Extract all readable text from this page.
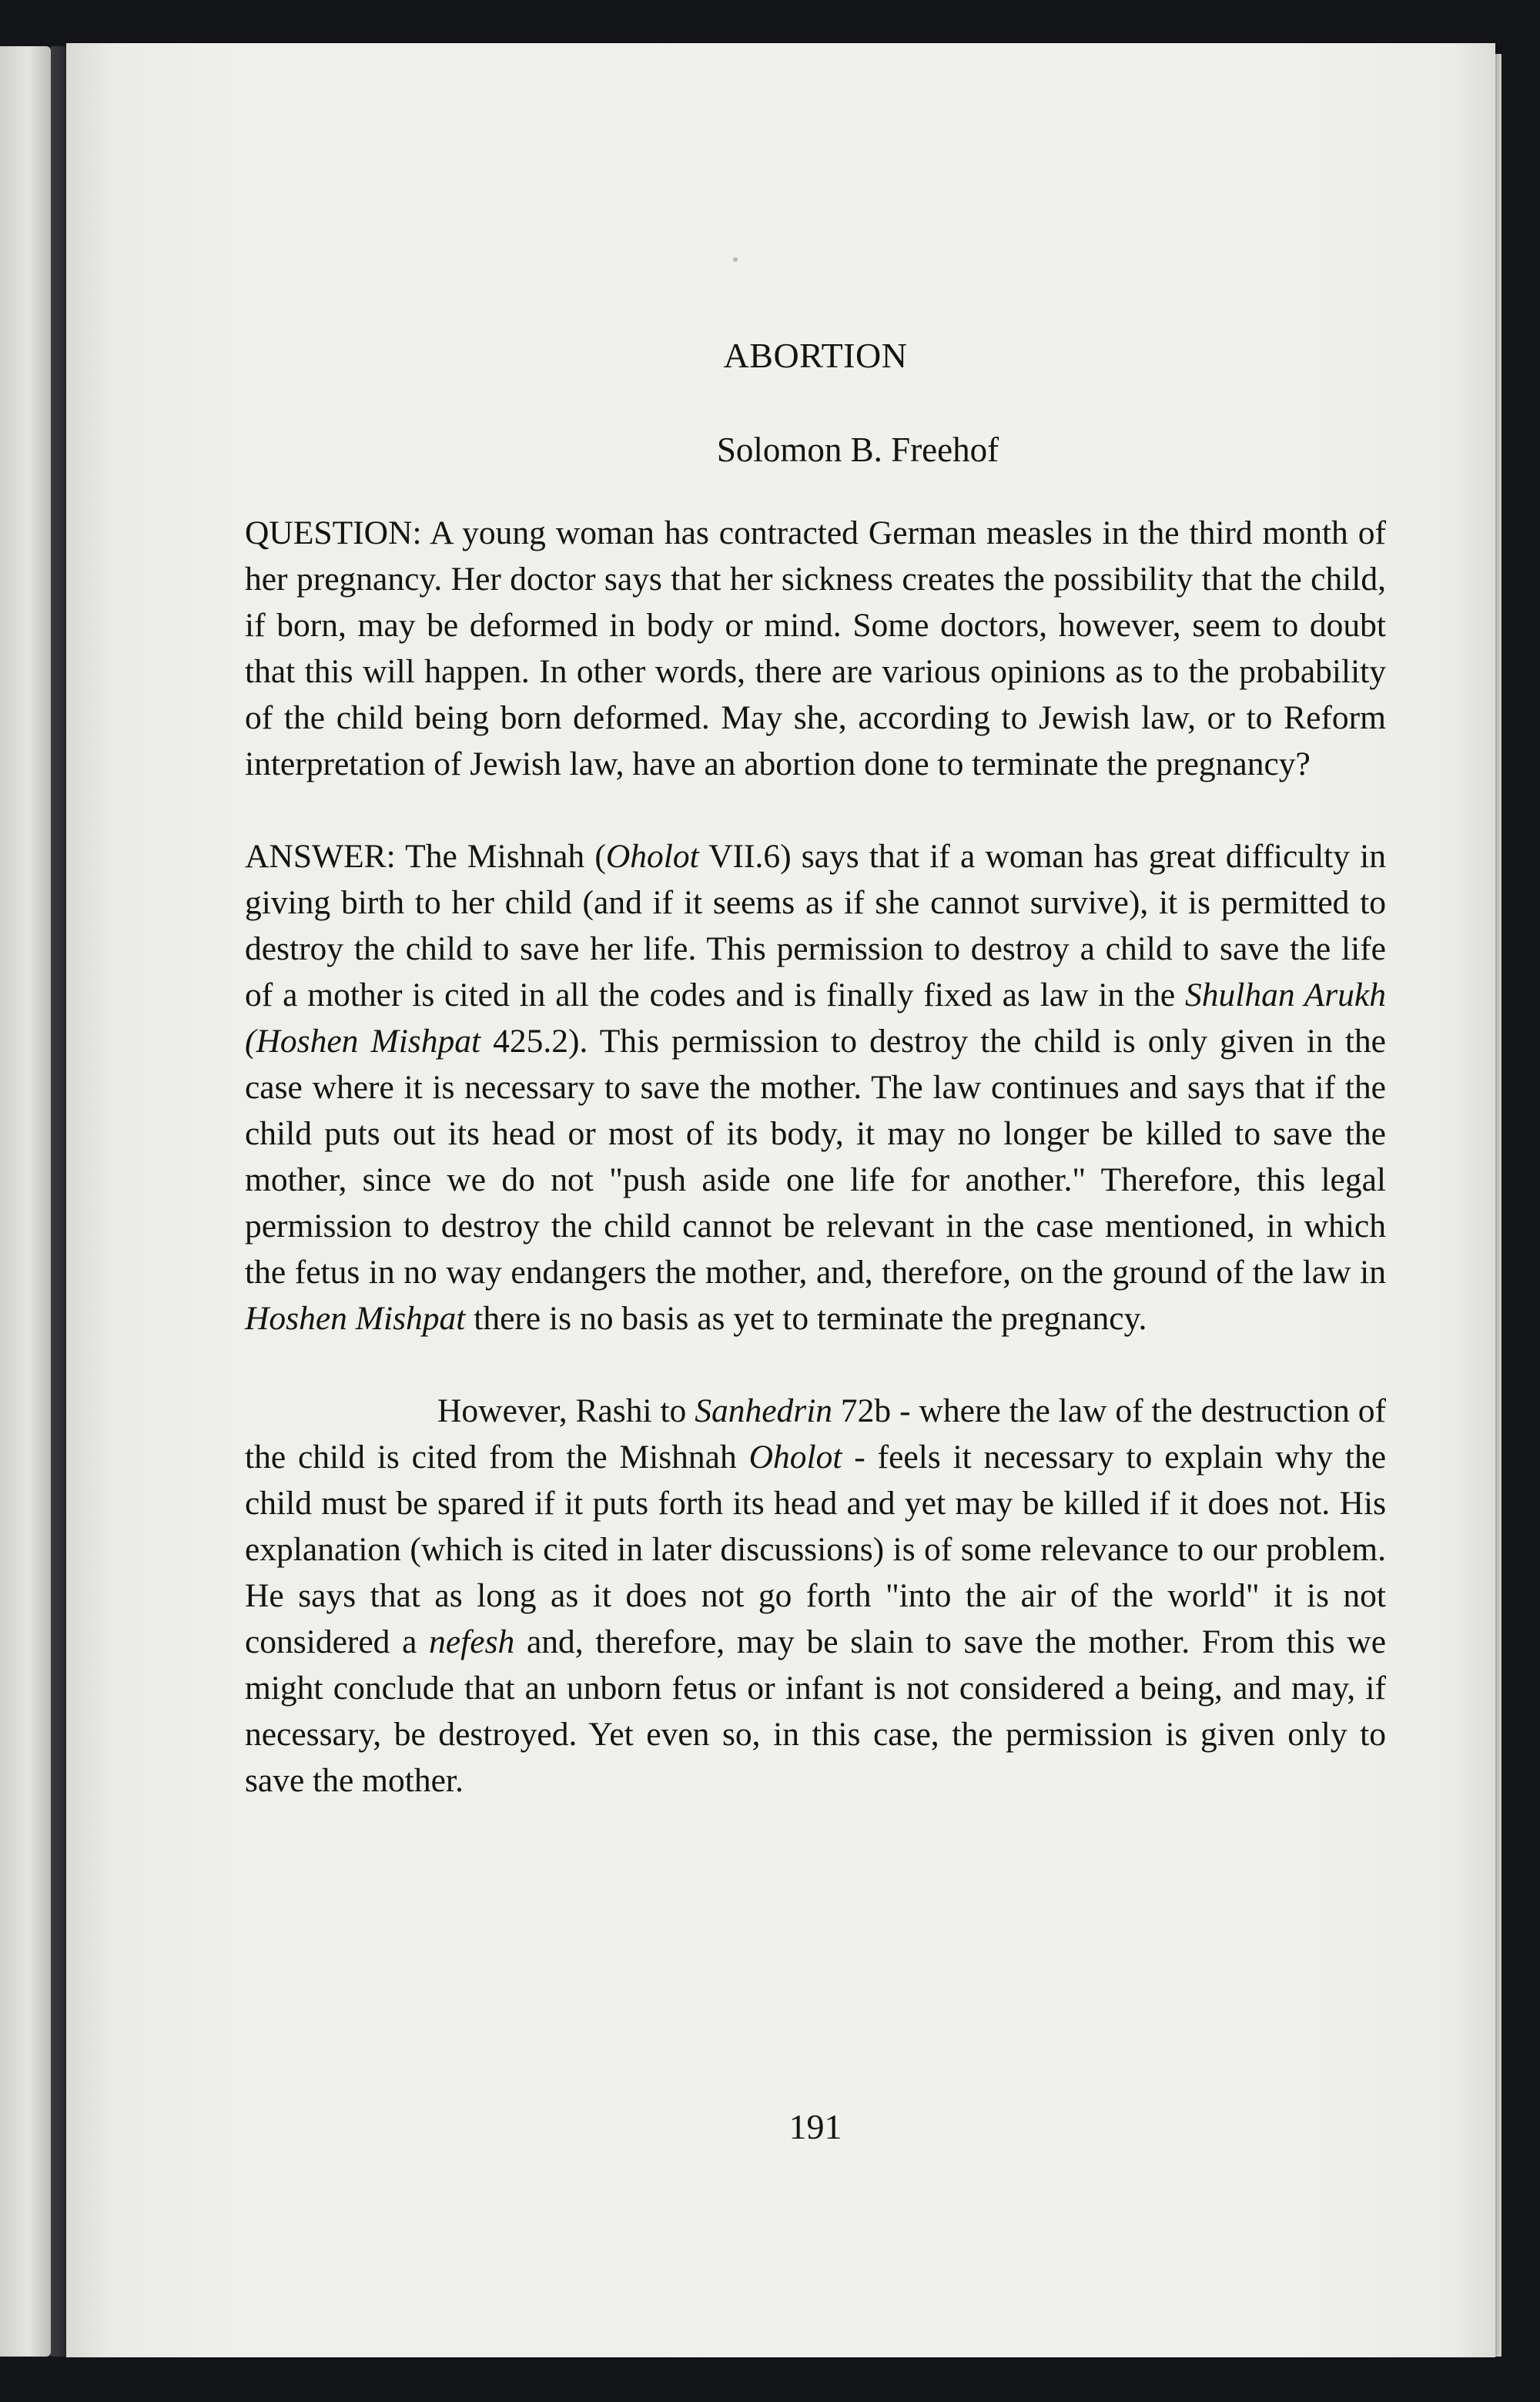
ABORTION
Solomon B. Freehof

QUESTION: A young woman has contracted German measles in the third month of her pregnancy. Her doctor says that her sickness creates the possibility that the child, if born, may be deformed in body or mind. Some doctors, however, seem to doubt that this will happen. In other words, there are various opinions as to the probability of the child being born deformed. May she, according to Jewish law, or to Reform interpretation of Jewish law, have an abortion done to terminate the pregnancy?

ANSWER: The Mishnah (Oholot VII.6) says that if a woman has great difficulty in giving birth to her child (and if it seems as if she cannot survive), it is permitted to destroy the child to save her life. This permission to destroy a child to save the life of a mother is cited in all the codes and is finally fixed as law in the Shulhan Arukh (Hoshen Mishpat 425.2). This permission to destroy the child is only given in the case where it is necessary to save the mother. The law continues and says that if the child puts out its head or most of its body, it may no longer be killed to save the mother, since we do not "push aside one life for another." Therefore, this legal permission to destroy the child cannot be relevant in the case mentioned, in which the fetus in no way endangers the mother, and, therefore, on the ground of the law in Hoshen Mishpat there is no basis as yet to terminate the pregnancy.

However, Rashi to Sanhedrin 72b - where the law of the destruction of the child is cited from the Mishnah Oholot - feels it necessary to explain why the child must be spared if it puts forth its head and yet may be killed if it does not. His explanation (which is cited in later discussions) is of some relevance to our problem. He says that as long as it does not go forth "into the air of the world" it is not considered a nefesh and, therefore, may be slain to save the mother. From this we might conclude that an unborn fetus or infant is not considered a being, and may, if necessary, be destroyed. Yet even so, in this case, the permission is given only to save the mother.

191
